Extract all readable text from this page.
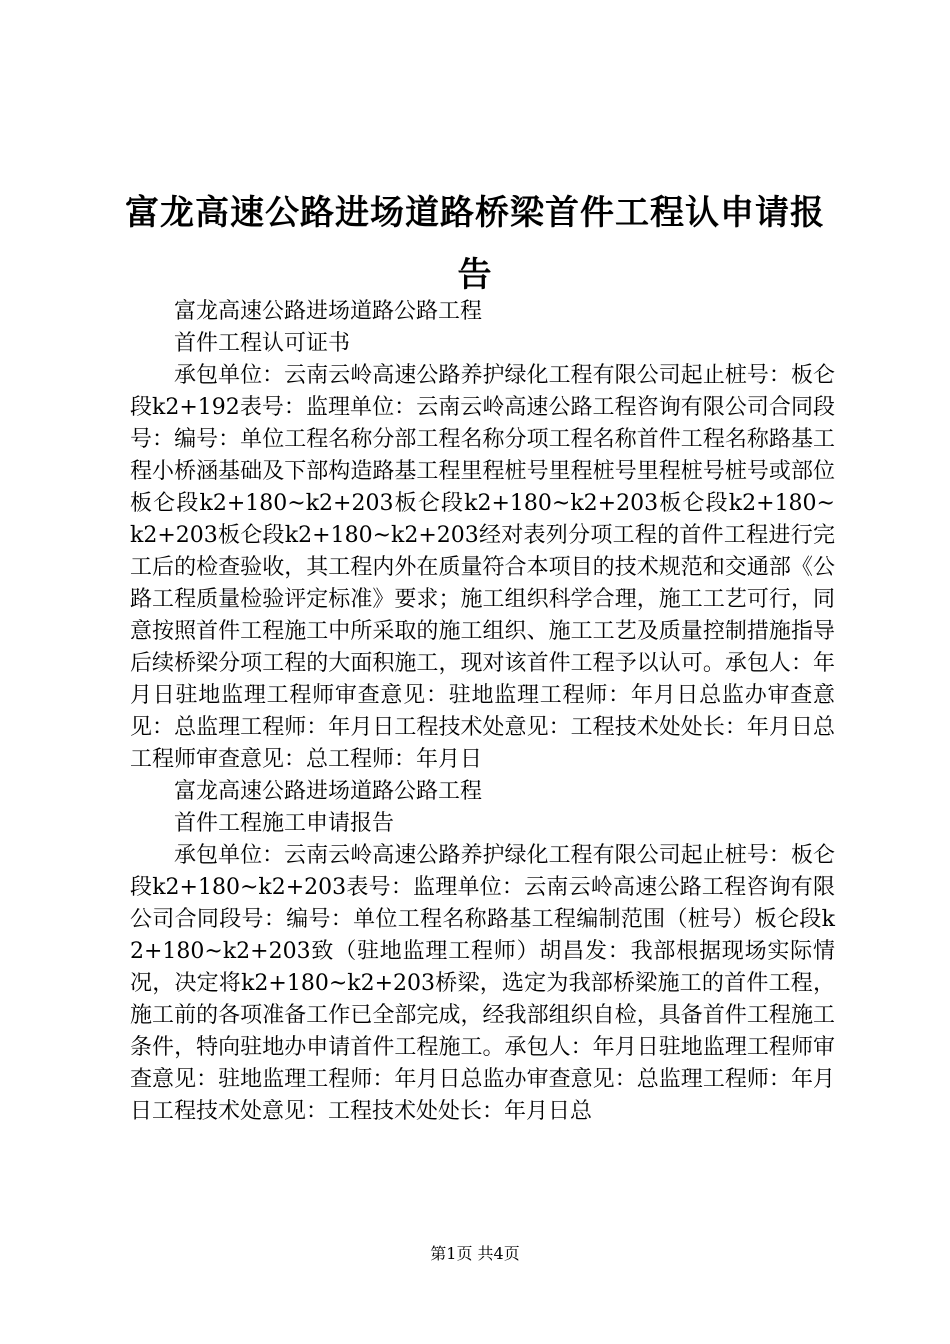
富龙高速公路进场道路桥梁首件工程认申请报告

富龙高速公路进场道路公路工程

首件工程认可证书

承包单位：云南云岭高速公路养护绿化工程有限公司起止桩号：板仑段k2+192表号：监理单位：云南云岭高速公路工程咨询有限公司合同段号：编号：单位工程名称分部工程名称分项工程名称首件工程名称路基工程小桥涵基础及下部构造路基工程里程桩号里程桩号里程桩号桩号或部位板仑段k2+180~k2+203板仑段k2+180~k2+203板仑段k2+180~k2+203板仑段k2+180~k2+203经对表列分项工程的首件工程进行完工后的检查验收，其工程内外在质量符合本项目的技术规范和交通部《公路工程质量检验评定标准》要求；施工组织科学合理，施工工艺可行，同意按照首件工程施工中所采取的施工组织、施工工艺及质量控制措施指导后续桥梁分项工程的大面积施工，现对该首件工程予以认可。承包人：年月日驻地监理工程师审查意见：驻地监理工程师：年月日总监办审查意见：总监理工程师：年月日工程技术处意见：工程技术处处长：年月日总工程师审查意见：总工程师：年月日

富龙高速公路进场道路公路工程

首件工程施工申请报告

承包单位：云南云岭高速公路养护绿化工程有限公司起止桩号：板仑段k2+180~k2+203表号：监理单位：云南云岭高速公路工程咨询有限公司合同段号：编号：单位工程名称路基工程编制范围（桩号）板仑段k2+180~k2+203致（驻地监理工程师）胡昌发：我部根据现场实际情况，决定将k2+180~k2+203桥梁，选定为我部桥梁施工的首件工程，施工前的各项准备工作已全部完成，经我部组织自检，具备首件工程施工条件，特向驻地办申请首件工程施工。承包人：年月日驻地监理工程师审查意见：驻地监理工程师：年月日总监办审查意见：总监理工程师：年月日工程技术处意见：工程技术处处长：年月日总

第1页 共4页
